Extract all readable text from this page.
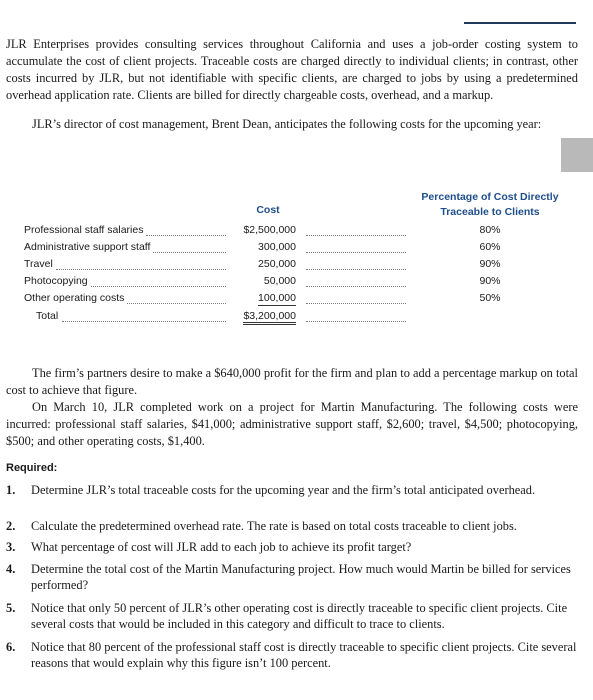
JLR Enterprises provides consulting services throughout California and uses a job-order costing system to accumulate the cost of client projects. Traceable costs are charged directly to individual clients; in contrast, other costs incurred by JLR, but not identifiable with specific clients, are charged to jobs by using a predetermined overhead application rate. Clients are billed for directly chargeable costs, overhead, and a markup.

JLR’s director of cost management, Brent Dean, anticipates the following costs for the upcoming year:

Percentage of Cost Directly
Traceable to Clients
Cost
Professional staff salaries	$2,500,000	80%
Administrative support staff	300,000	60%
Travel	250,000	90%
Photocopying	50,000	90%
Other operating costs	100,000	50%
Total	$3,200,000

The firm’s partners desire to make a $640,000 profit for the firm and plan to add a percentage markup on total cost to achieve that figure.

On March 10, JLR completed work on a project for Martin Manufacturing. The following costs were incurred: professional staff salaries, $41,000; administrative support staff, $2,600; travel, $4,500; photocopying, $500; and other operating costs, $1,400.

Required:
1.	Determine JLR’s total traceable costs for the upcoming year and the firm’s total anticipated overhead.
2.	Calculate the predetermined overhead rate. The rate is based on total costs traceable to client jobs.
3.	What percentage of cost will JLR add to each job to achieve its profit target?
4.	Determine the total cost of the Martin Manufacturing project. How much would Martin be billed for services performed?
5.	Notice that only 50 percent of JLR’s other operating cost is directly traceable to specific client projects. Cite several costs that would be included in this category and difficult to trace to clients.
6.	Notice that 80 percent of the professional staff cost is directly traceable to specific client projects. Cite several reasons that would explain why this figure isn’t 100 percent.
